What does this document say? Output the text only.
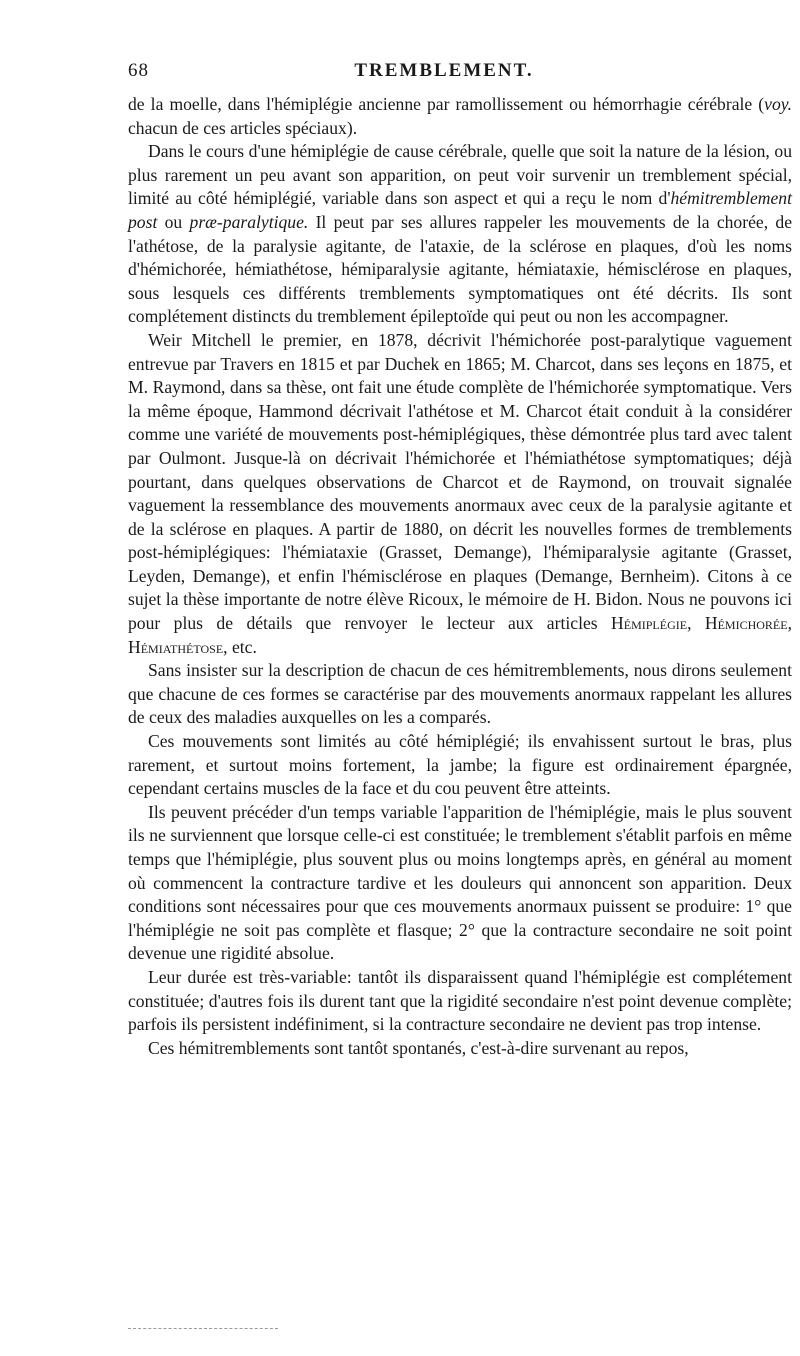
68	TREMBLEMENT.

de la moelle, dans l'hémiplégie ancienne par ramollissement ou hémorrhagie cérébrale (voy. chacun de ces articles spéciaux).

Dans le cours d'une hémiplégie de cause cérébrale, quelle que soit la nature de la lésion, ou plus rarement un peu avant son apparition, on peut voir survenir un tremblement spécial, limité au côté hémiplégié, variable dans son aspect et qui a reçu le nom d'hémitremblement post ou præ-paralytique. Il peut par ses allures rappeler les mouvements de la chorée, de l'athétose, de la paralysie agitante, de l'ataxie, de la sclérose en plaques, d'où les noms d'hémichorée, hémiathétose, hémiparalysie agitante, hémiataxie, hémisclérose en plaques, sous lesquels ces différents tremblements symptomatiques ont été décrits. Ils sont complétement distincts du tremblement épileptoïde qui peut ou non les accompagner.

Weir Mitchell le premier, en 1878, décrivit l'hémichorée post-paralytique vaguement entrevue par Travers en 1815 et par Duchek en 1865; M. Charcot, dans ses leçons en 1875, et M. Raymond, dans sa thèse, ont fait une étude complète de l'hémichorée symptomatique. Vers la même époque, Hammond décrivait l'athétose et M. Charcot était conduit à la considérer comme une variété de mouvements post-hémiplégiques, thèse démontrée plus tard avec talent par Oulmont. Jusque-là on décrivait l'hémichorée et l'hémiathétose symptomatiques; déjà pourtant, dans quelques observations de Charcot et de Raymond, on trouvait signalée vaguement la ressemblance des mouvements anormaux avec ceux de la paralysie agitante et de la sclérose en plaques. A partir de 1880, on décrit les nouvelles formes de tremblements post-hémiplégiques: l'hémiataxie (Grasset, Demange), l'hémiparalysie agitante (Grasset, Leyden, Demange), et enfin l'hémisclérose en plaques (Demange, Bernheim). Citons à ce sujet la thèse importante de notre élève Ricoux, le mémoire de H. Bidon. Nous ne pouvons ici pour plus de détails que renvoyer le lecteur aux articles Hémiplégie, Hémichorée, Hémiathétose, etc.

Sans insister sur la description de chacun de ces hémitremblements, nous dirons seulement que chacune de ces formes se caractérise par des mouvements anormaux rappelant les allures de ceux des maladies auxquelles on les a comparés.

Ces mouvements sont limités au côté hémiplégié; ils envahissent surtout le bras, plus rarement, et surtout moins fortement, la jambe; la figure est ordinairement épargnée, cependant certains muscles de la face et du cou peuvent être atteints.

Ils peuvent précéder d'un temps variable l'apparition de l'hémiplégie, mais le plus souvent ils ne surviennent que lorsque celle-ci est constituée; le tremblement s'établit parfois en même temps que l'hémiplégie, plus souvent plus ou moins longtemps après, en général au moment où commencent la contracture tardive et les douleurs qui annoncent son apparition. Deux conditions sont nécessaires pour que ces mouvements anormaux puissent se produire: 1° que l'hémiplégie ne soit pas complète et flasque; 2° que la contracture secondaire ne soit point devenue une rigidité absolue.

Leur durée est très-variable: tantôt ils disparaissent quand l'hémiplégie est complétement constituée; d'autres fois ils durent tant que la rigidité secondaire n'est point devenue complète; parfois ils persistent indéfiniment, si la contracture secondaire ne devient pas trop intense.

Ces hémitremblements sont tantôt spontanés, c'est-à-dire survenant au repos,
